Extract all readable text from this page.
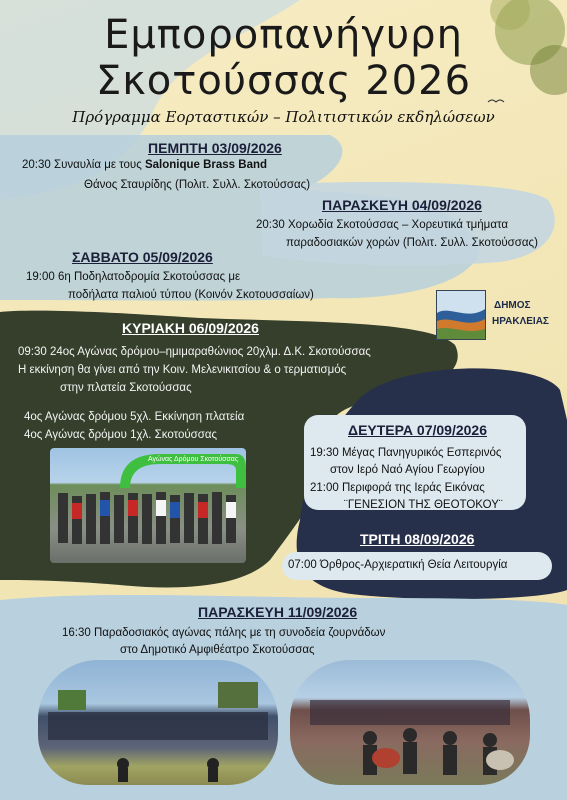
Εμποροπανήγυρη
Σκοτούσσας 2026
Πρόγραμμα Εορταστικών – Πολιτιστικών εκδηλώσεων
ΠΕΜΠΤΗ 03/09/2026
20:30 Συναυλία με τους Salonique Brass Band
Θάνος Σταυρίδης (Πολιτ. Συλλ. Σκοτούσσας)
ΠΑΡΑΣΚΕΥΗ 04/09/2026
20:30 Χορωδία Σκοτούσσας – Χορευτικά τμήματα
παραδοσιακών χορών (Πολιτ. Συλλ. Σκοτούσσας)
ΣΑΒΒΑΤΟ 05/09/2026
19:00 6η Ποδηλατοδρομία Σκοτούσσας με
ποδήλατα παλιού τύπου (Κοινόν Σκοτουσσαίων)
ΔΗΜΟΣ
ΗΡΑΚΛΕΙΑΣ
ΚΥΡΙΑΚΗ 06/09/2026
09:30 24ος Αγώνας δρόμου–ημιμαραθώνιος 20χλμ. Δ.Κ. Σκοτούσσας
Η εκκίνηση θα γίνει από την Κοιν. Μελενικιτσίου & ο τερματισμός
στην πλατεία Σκοτούσσας
4ος Αγώνας δρόμου 5χλ. Εκκίνηση πλατεία
4ος Αγώνας δρόμου 1χλ. Σκοτούσσας
Αγώνας Δρόμου Σκοτούσσας
ΔΕΥΤΕΡΑ 07/09/2026
19:30 Μέγας Πανηγυρικός Εσπερινός
στον Ιερό Ναό Αγίου Γεωργίου
21:00 Περιφορά της Ιεράς Εικόνας
¨ΓΕΝΕΣΙΟΝ ΤΗΣ ΘΕΟΤΟΚΟΥ¨
ΤΡΙΤΗ 08/09/2026
07:00 Όρθρος-Αρχιερατική Θεία Λειτουργία
ΠΑΡΑΣΚΕΥΗ 11/09/2026
16:30 Παραδοσιακός αγώνας πάλης με τη συνοδεία ζουρνάδων
στο Δημοτικό Αμφιθέατρο Σκοτούσσας
